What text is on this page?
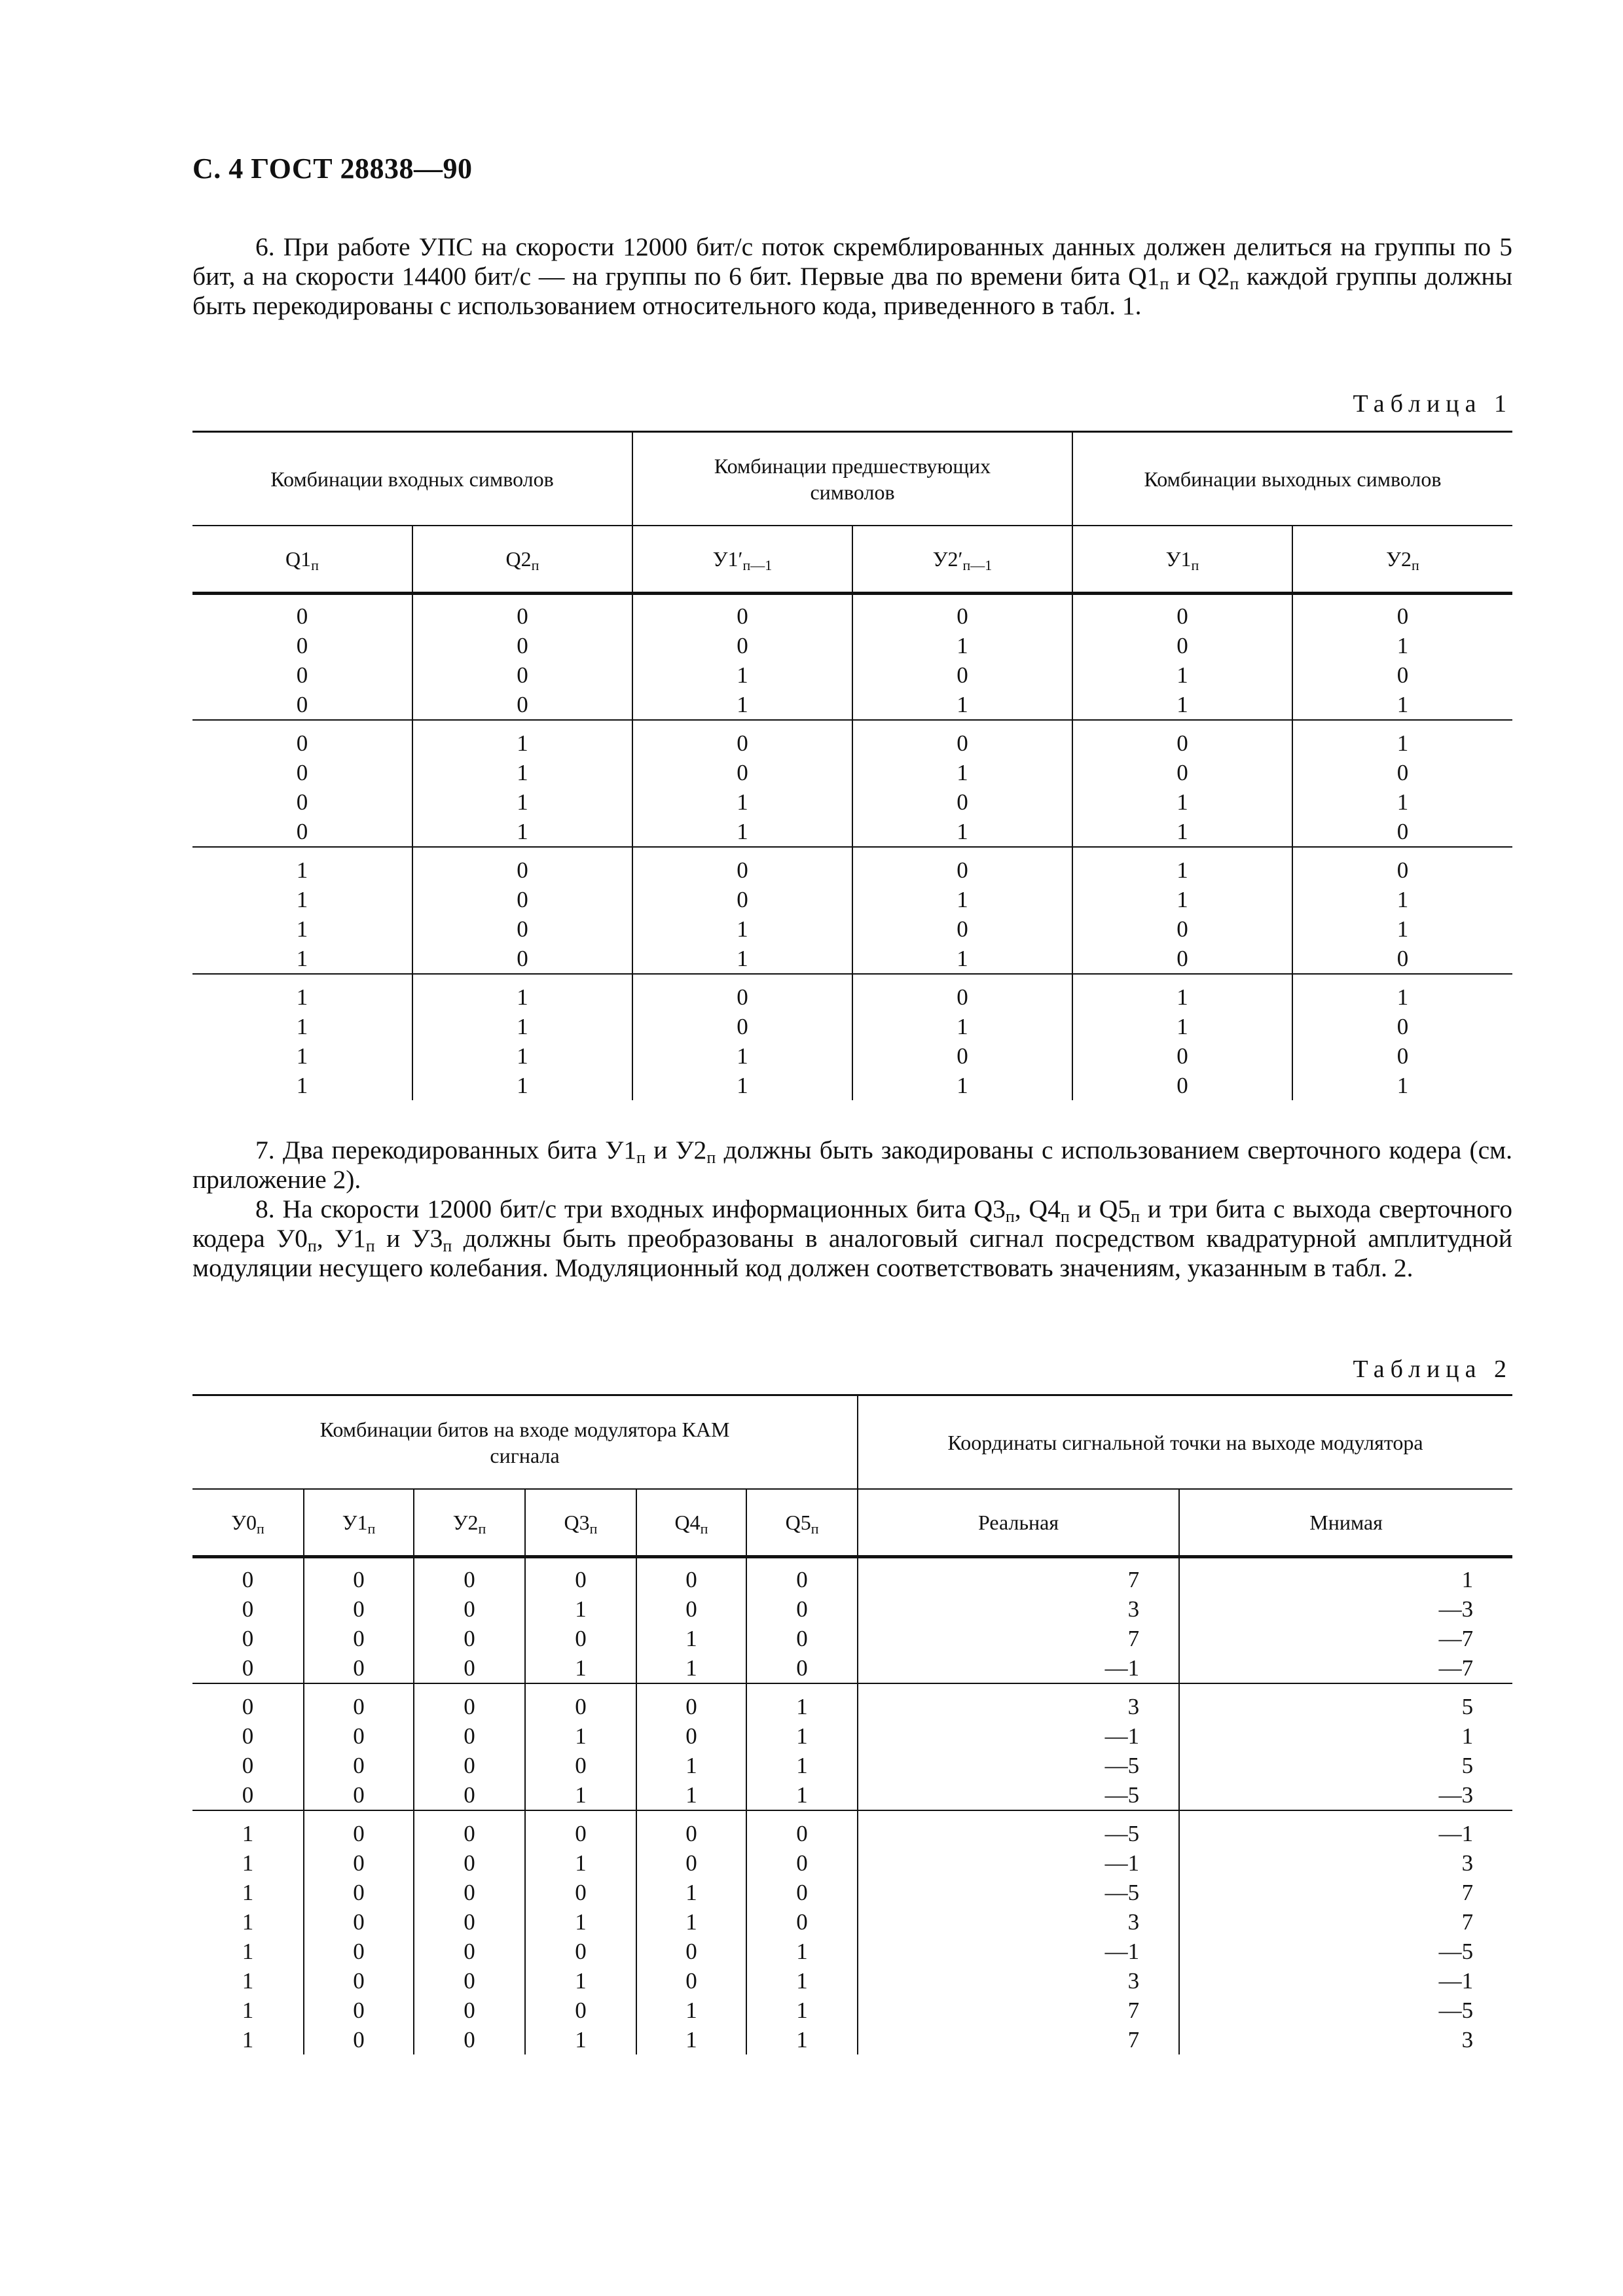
С. 4 ГОСТ 28838—90

6. При работе УПС на скорости 12000 бит/с поток скремблированных данных должен делиться на группы по 5 бит, а на скорости 14400 бит/с — на группы по 6 бит. Первые два по времени бита $Q1_п$ и $Q2_п$ каждой группы должны быть перекодированы с использованием относительного кода, приведенного в табл. 1.

Таблица 1
Комбинации входных символов		Комбинации предшествующих символов		Комбинации выходных символов	
$Q1_п$	$Q2_п$	$У1'_{п—1}$	$У2'_{п—1}$	$У1_п$	$У2_п$
0	0	0	0	0	0
0	0	0	1	0	1
0	0	1	0	1	0
0	0	1	1	1	1
0	1	0	0	0	1
0	1	0	1	0	0
0	1	1	0	1	1
0	1	1	1	1	0
1	0	0	0	1	0
1	0	0	1	1	1
1	0	1	0	0	1
1	0	1	1	0	0
1	1	0	0	1	1
1	1	0	1	1	0
1	1	1	0	0	0
1	1	1	1	0	1

7. Два перекодированных бита $У1_п$ и $У2_п$ должны быть закодированы с использованием сверточного кодера (см. приложение 2).

8. На скорости 12000 бит/с три входных информационных бита $Q3_п$, $Q4_п$ и $Q5_п$ и три бита с выхода сверточного кодера $У0_п$, $У1_п$ и $У3_п$ должны быть преобразованы в аналоговый сигнал посредством квадратурной амплитудной модуляции несущего колебания. Модуляционный код должен соответствовать значениям, указанным в табл. 2.

Таблица 2
Комбинации битов на входе модулятора КАМ сигнала						Координаты сигнальной точки на выходе модулятора	
$У0_п$	$У1_п$	$У2_п$	$Q3_п$	$Q4_п$	$Q5_п$	Реальная	Мнимая
0	0	0	0	0	0	7	1
0	0	0	1	0	0	3	—3
0	0	0	0	1	0	7	—7
0	0	0	1	1	0	—1	—7
0	0	0	0	0	1	3	5
0	0	0	1	0	1	—1	1
0	0	0	0	1	1	—5	5
0	0	0	1	1	1	—5	—3
1	0	0	0	0	0	—5	—1
1	0	0	1	0	0	—1	3
1	0	0	0	1	0	—5	7
1	0	0	1	1	0	3	7
1	0	0	0	0	1	—1	—5
1	0	0	1	0	1	3	—1
1	0	0	0	1	1	7	—5
1	0	0	1	1	1	7	3
